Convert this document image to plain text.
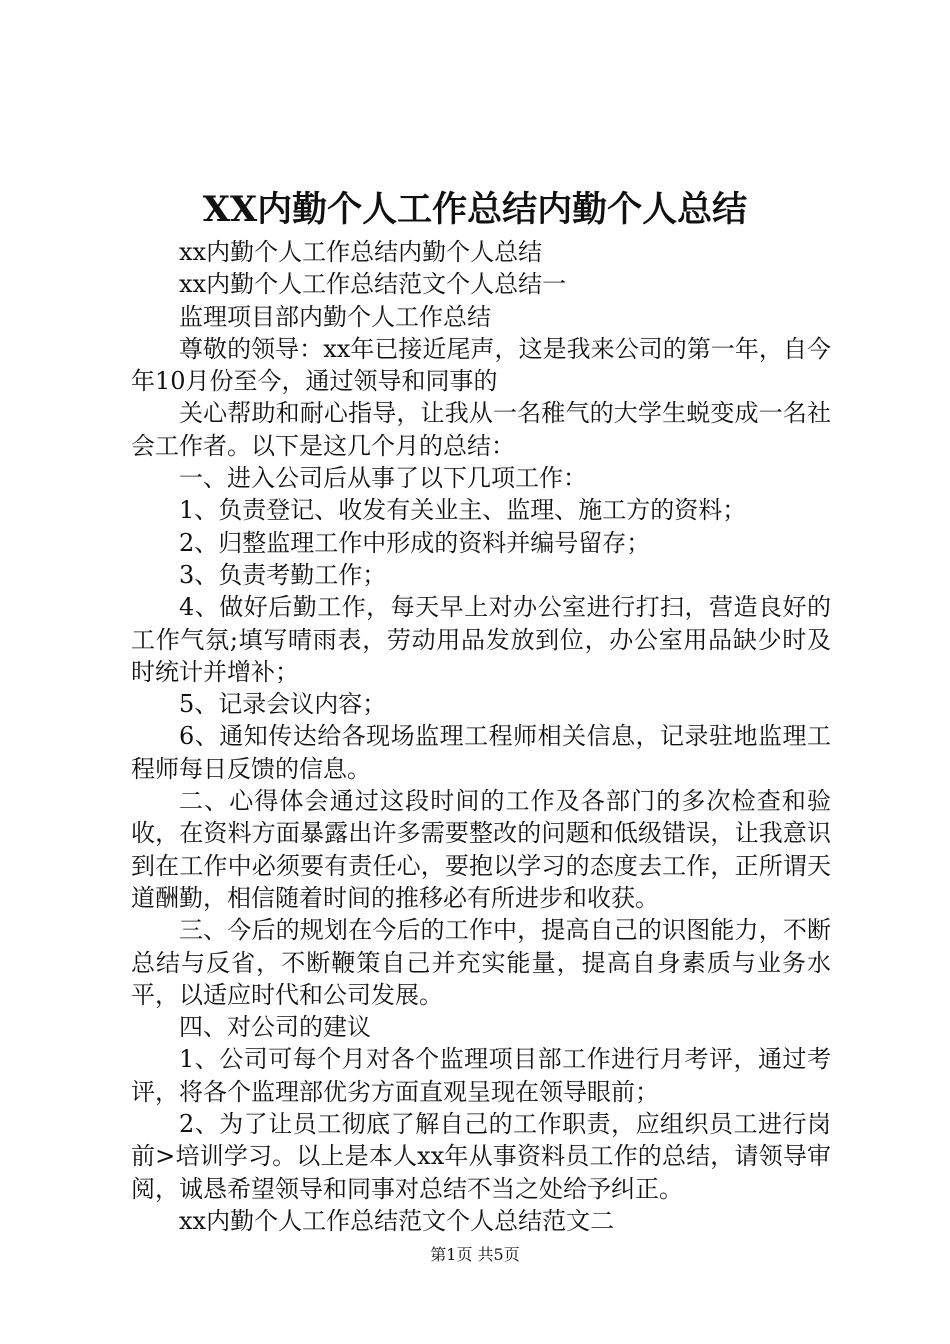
XX内勤个人工作总结内勤个人总结

xx内勤个人工作总结内勤个人总结

xx内勤个人工作总结范文个人总结一

监理项目部内勤个人工作总结

尊敬的领导：xx年已接近尾声，这是我来公司的第一年，自今年10月份至今，通过领导和同事的

关心帮助和耐心指导，让我从一名稚气的大学生蜕变成一名社会工作者。以下是这几个月的总结：

一、进入公司后从事了以下几项工作：

1、负责登记、收发有关业主、监理、施工方的资料；

2、归整监理工作中形成的资料并编号留存；

3、负责考勤工作；

4、做好后勤工作，每天早上对办公室进行打扫，营造良好的工作气氛;填写晴雨表，劳动用品发放到位，办公室用品缺少时及时统计并增补；

5、记录会议内容；

6、通知传达给各现场监理工程师相关信息，记录驻地监理工程师每日反馈的信息。

二、心得体会通过这段时间的工作及各部门的多次检查和验收，在资料方面暴露出许多需要整改的问题和低级错误，让我意识到在工作中必须要有责任心，要抱以学习的态度去工作，正所谓天道酬勤，相信随着时间的推移必有所进步和收获。

三、今后的规划在今后的工作中，提高自己的识图能力，不断总结与反省，不断鞭策自己并充实能量，提高自身素质与业务水平，以适应时代和公司发展。

四、对公司的建议

1、公司可每个月对各个监理项目部工作进行月考评，通过考评，将各个监理部优劣方面直观呈现在领导眼前；

2、为了让员工彻底了解自己的工作职责，应组织员工进行岗前>培训学习。以上是本人xx年从事资料员工作的总结，请领导审阅，诚恳希望领导和同事对总结不当之处给予纠正。

xx内勤个人工作总结范文个人总结范文二

第1页 共5页
